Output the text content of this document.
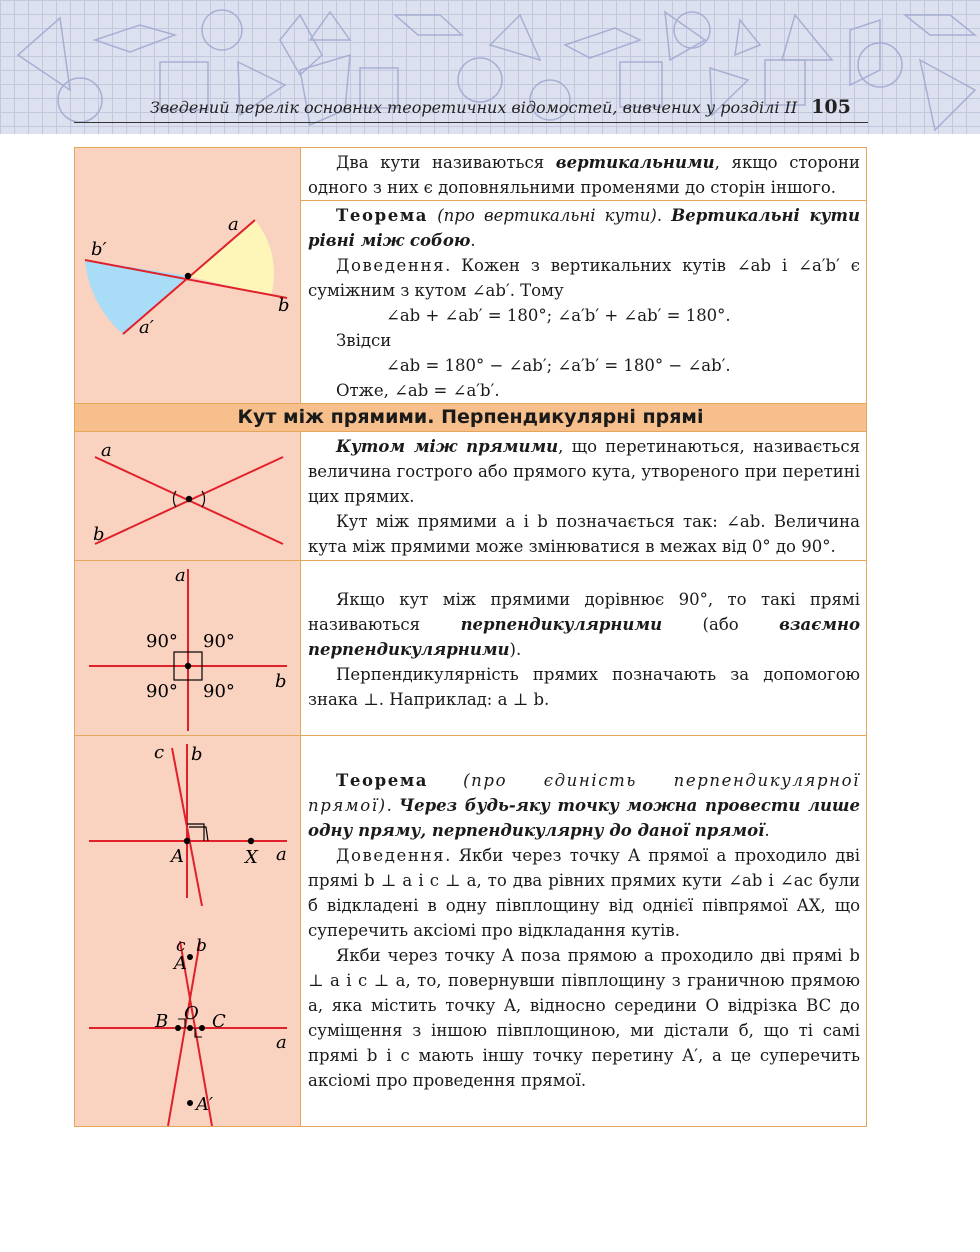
Зведений перелік основних теоретичних відомостей, вивчених у розділі II 105
a
b
b′
a′

Два кути називаються вертикальними, якщо сторони одного з них є доповняльними променями до сторін іншого.

Теорема (про вертикальні кути). Вертикальні кути рівні між собою.

Доведення. Кожен з вертикальних кутів ∠ab і ∠a′b′ є суміжним з кутом ∠ab′. Тому

∠ab + ∠ab′ = 180°; ∠a′b′ + ∠ab′ = 180°.

Звідси

∠ab = 180° − ∠ab′; ∠a′b′ = 180° − ∠ab′.

Отже, ∠ab = ∠a′b′.

Кут між прямими. Перпендикулярні прямі
a
b

Кутом між прямими, що перетинаються, називається величина гострого або прямого кута, утвореного при перетині цих прямих.

Кут між прямими a і b позначається так: ∠ab. Величина кута між прямими може змінюватися в межах від 0° до 90°.

a
b
90° 90°
90° 90°

Якщо кут між прямими дорівнює 90°, то такі прямі називаються перпендикулярними (або взаємно перпендикулярними).

Перпендикулярність прямих позначають за допомогою знака ⊥. Наприклад: a ⊥ b.

c b
A	X a
c b
A
B O C
a
A′

Теорема (про єдиність перпендикулярної прямої). Через будь-яку точку можна провести лише одну пряму, перпендикулярну до даної прямої.

Доведення. Якби через точку A прямої a проходило дві прямі b ⊥ a і c ⊥ a, то два рівних прямих кути ∠ab і ∠ac були б відкладені в одну півплощину від однієї півпрямої AX, що суперечить аксіомі про відкладання кутів.

Якби через точку A поза прямою a проходило дві прямі b ⊥ a і c ⊥ a, то, повернувши півплощину з граничною прямою a, яка містить точку A, відносно середини O відрізка BC до суміщення з іншою півплощиною, ми дістали б, що ті самі прямі b і c мають іншу точку перетину A′, а це суперечить аксіомі про проведення прямої.
